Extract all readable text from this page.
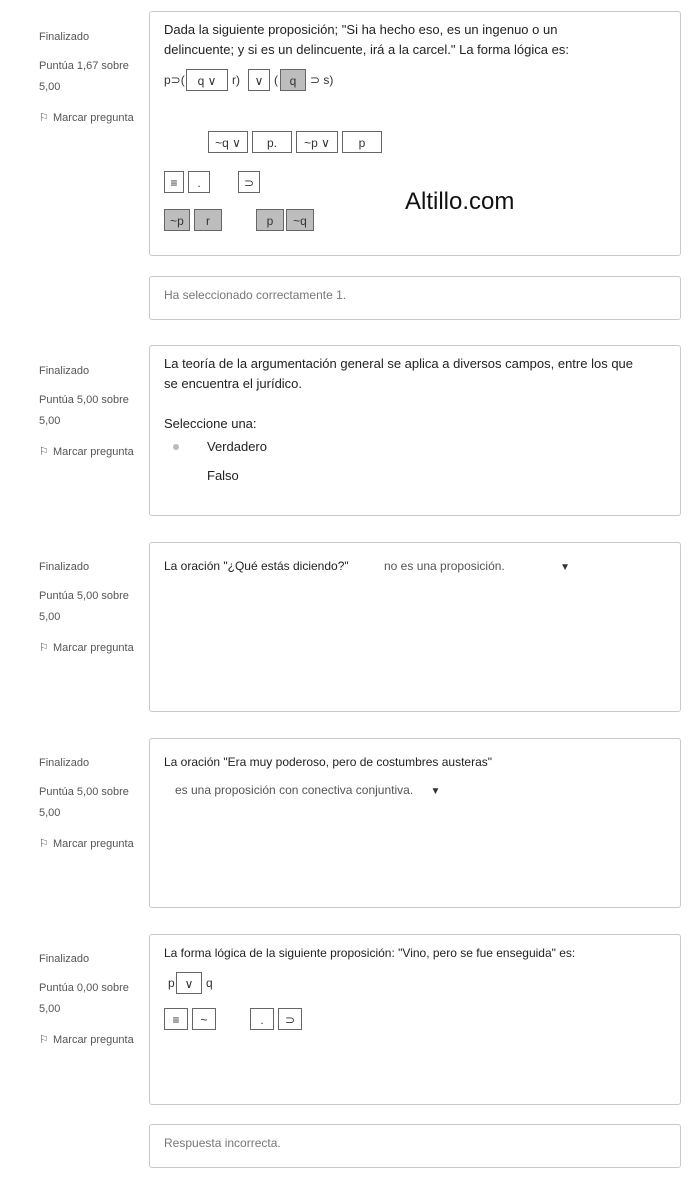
Finalizado
Puntúa 1,67 sobre 5,00
⚐ Marcar pregunta
Dada la siguiente proposición; "Si ha hecho eso, es un ingenuo o un delincuente; y si es un delincuente, irá a la carcel." La forma lógica es:
p⊃(	q ∨	r)	∨ ( q	⊃ s)
~q ∨	p.	~p ∨	p
≡	.	⊃
~p	r	p	~q
Altillo.com
Ha seleccionado correctamente 1.
Finalizado
Puntúa 5,00 sobre 5,00
⚐ Marcar pregunta
La teoría de la argumentación general se aplica a diversos campos, entre los que se encuentra el jurídico.
Seleccione una:
Verdadero
Falso
Finalizado
Puntúa 5,00 sobre 5,00
⚐ Marcar pregunta
La oración "¿Qué estás diciendo?"	no es una proposición.	▼
Finalizado
Puntúa 5,00 sobre 5,00
⚐ Marcar pregunta
La oración "Era muy poderoso, pero de costumbres austeras"
es una proposición con conectiva conjuntiva. ▼
Finalizado
Puntúa 0,00 sobre 5,00
⚐ Marcar pregunta
La forma lógica de la siguiente proposición: "Vino, pero se fue enseguida" es:
p ∨	q
≡	~	.	⊃
Respuesta incorrecta.
